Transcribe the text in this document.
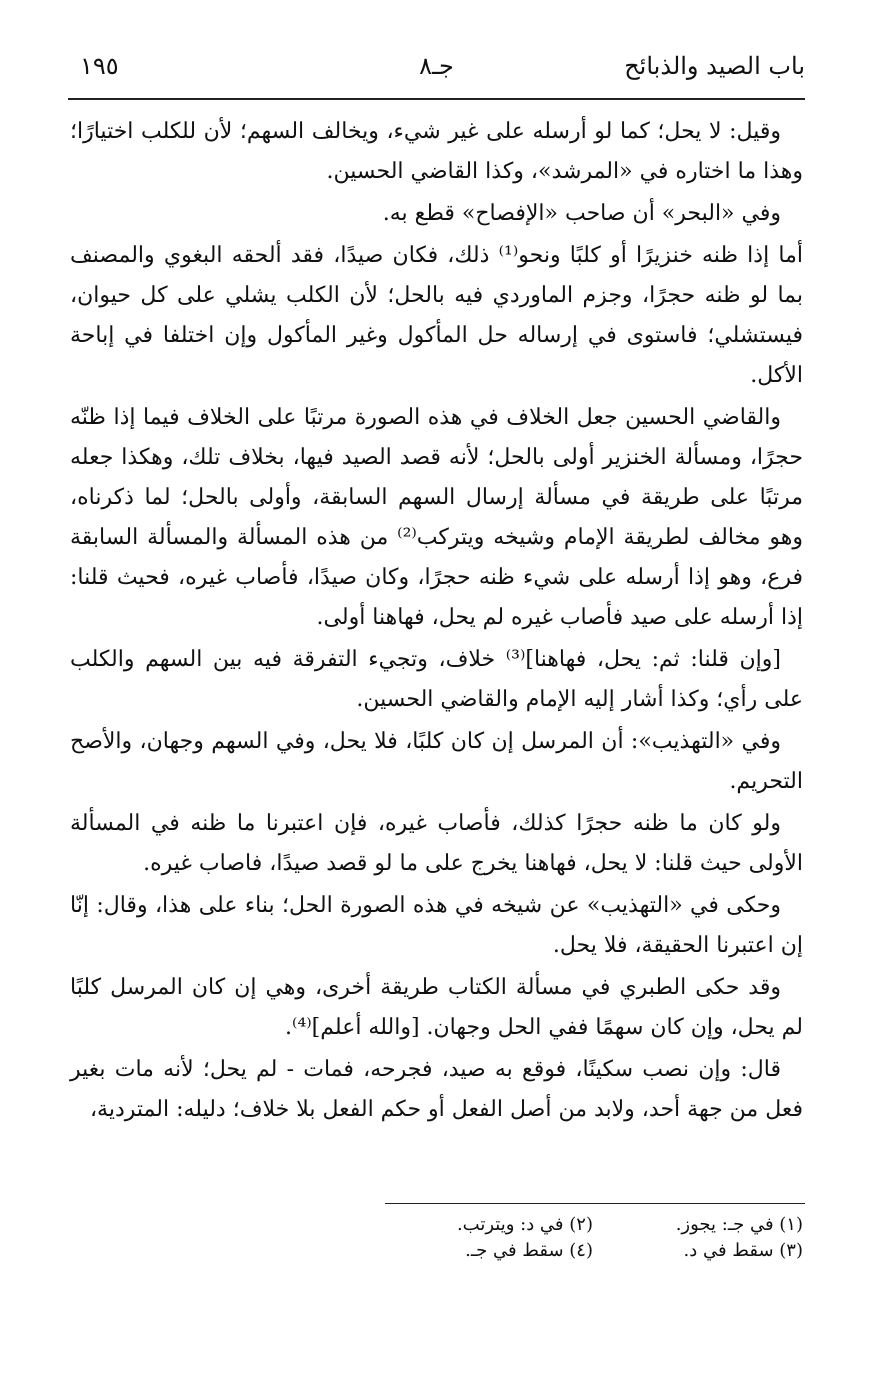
باب الصيد والذبائح
جـ٨
١٩٥

وقيل: لا يحل؛ كما لو أرسله على غير شيء، ويخالف السهم؛ لأن للكلب اختيارًا؛ وهذا ما اختاره في «المرشد»، وكذا القاضي الحسين.

وفي «البحر» أن صاحب «الإفصاح» قطع به.

أما إذا ظنه خنزيرًا أو كلبًا ونحو⁽¹⁾ ذلك، فكان صيدًا، فقد ألحقه البغوي والمصنف بما لو ظنه حجرًا، وجزم الماوردي فيه بالحل؛ لأن الكلب يشلي على كل حيوان، فيستشلي؛ فاستوى في إرساله حل المأكول وغير المأكول وإن اختلفا في إباحة الأكل.

والقاضي الحسين جعل الخلاف في هذه الصورة مرتبًا على الخلاف فيما إذا ظنّه حجرًا، ومسألة الخنزير أولى بالحل؛ لأنه قصد الصيد فيها، بخلاف تلك، وهكذا جعله مرتبًا على طريقة في مسألة إرسال السهم السابقة، وأولى بالحل؛ لما ذكرناه، وهو مخالف لطريقة الإمام وشيخه ويتركب⁽²⁾ من هذه المسألة والمسألة السابقة فرع، وهو إذا أرسله على شيء ظنه حجرًا، وكان صيدًا، فأصاب غيره، فحيث قلنا: إذا أرسله على صيد فأصاب غيره لم يحل، فهاهنا أولى.

[وإن قلنا: ثم: يحل، فهاهنا]⁽³⁾ خلاف، وتجيء التفرقة فيه بين السهم والكلب على رأي؛ وكذا أشار إليه الإمام والقاضي الحسين.

وفي «التهذيب»: أن المرسل إن كان كلبًا، فلا يحل، وفي السهم وجهان، والأصح التحريم.

ولو كان ما ظنه حجرًا كذلك، فأصاب غيره، فإن اعتبرنا ما ظنه في المسألة الأولى حيث قلنا: لا يحل، فهاهنا يخرج على ما لو قصد صيدًا، فاصاب غيره.

وحكى في «التهذيب» عن شيخه في هذه الصورة الحل؛ بناء على هذا، وقال: إنّا إن اعتبرنا الحقيقة، فلا يحل.

وقد حكى الطبري في مسألة الكتاب طريقة أخرى، وهي إن كان المرسل كلبًا لم يحل، وإن كان سهمًا ففي الحل وجهان. [والله أعلم]⁽⁴⁾.

قال: وإن نصب سكينًا، فوقع به صيد، فجرحه، فمات - لم يحل؛ لأنه مات بغير فعل من جهة أحد، ولابد من أصل الفعل أو حكم الفعل بلا خلاف؛ دليله: المتردية،

(١) في جـ: يجوز.
(٢) في د: ويترتب.
(٣) سقط في د.
(٤) سقط في جـ.
